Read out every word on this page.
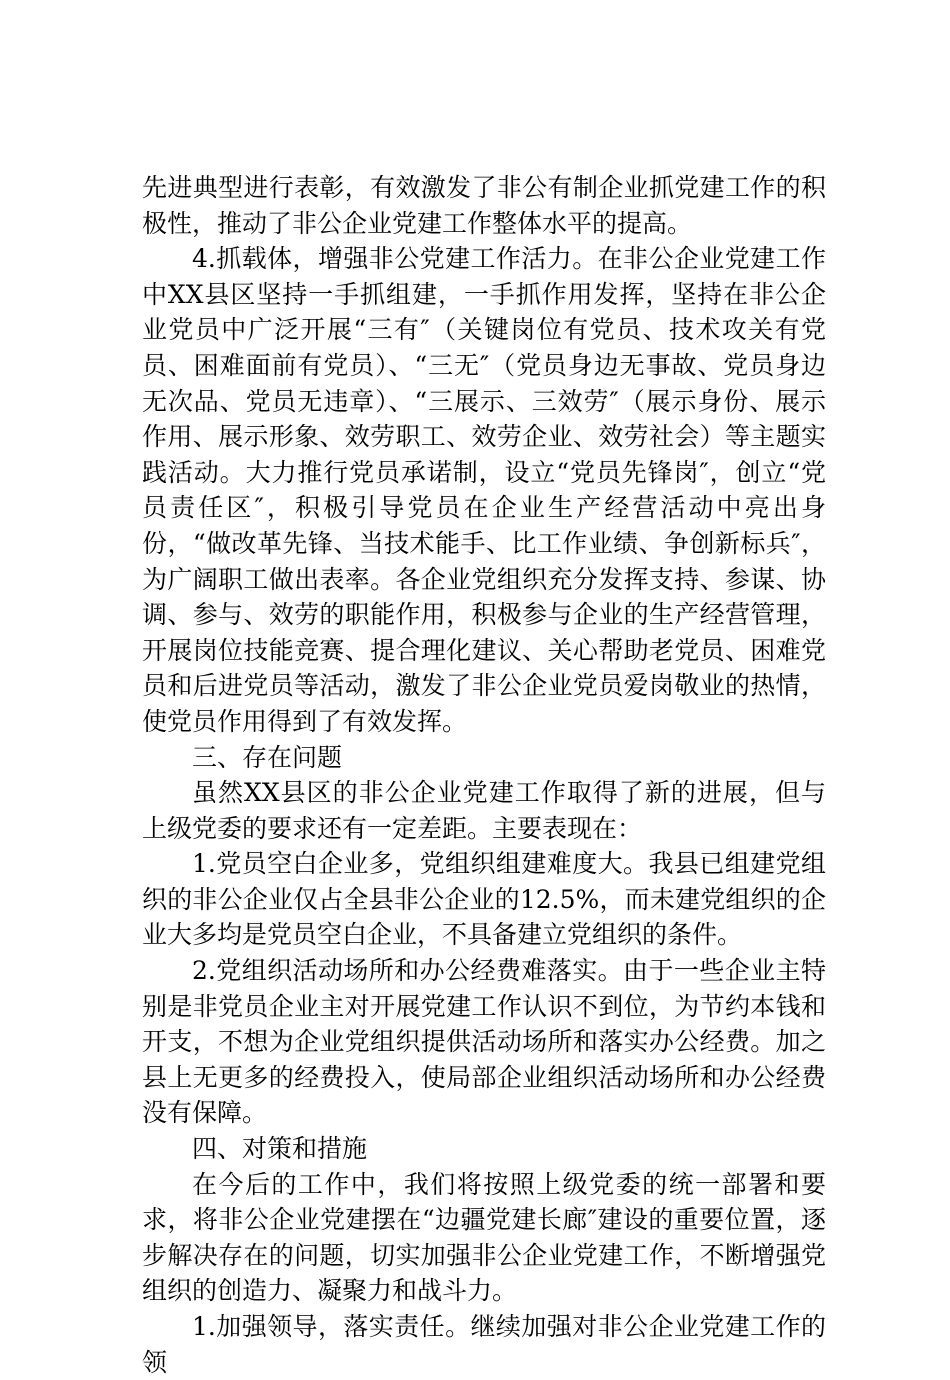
先进典型进行表彰，有效激发了非公有制企业抓党建工作的积极性，推动了非公企业党建工作整体水平的提高。

4.抓载体，增强非公党建工作活力。在非公企业党建工作中XX县区坚持一手抓组建，一手抓作用发挥，坚持在非公企业党员中广泛开展“三有″（关键岗位有党员、技术攻关有党员、困难面前有党员）、“三无″（党员身边无事故、党员身边无次品、党员无违章）、“三展示、三效劳″（展示身份、展示作用、展示形象、效劳职工、效劳企业、效劳社会）等主题实践活动。大力推行党员承诺制，设立“党员先锋岗″，创立“党员责任区″，积极引导党员在企业生产经营活动中亮出身份，“做改革先锋、当技术能手、比工作业绩、争创新标兵″，为广阔职工做出表率。各企业党组织充分发挥支持、参谋、协调、参与、效劳的职能作用，积极参与企业的生产经营管理，开展岗位技能竞赛、提合理化建议、关心帮助老党员、困难党员和后进党员等活动，激发了非公企业党员爱岗敬业的热情，使党员作用得到了有效发挥。

三、存在问题

虽然XX县区的非公企业党建工作取得了新的进展，但与上级党委的要求还有一定差距。主要表现在：

1.党员空白企业多，党组织组建难度大。我县已组建党组织的非公企业仅占全县非公企业的12.5%，而未建党组织的企业大多均是党员空白企业，不具备建立党组织的条件。

2.党组织活动场所和办公经费难落实。由于一些企业主特别是非党员企业主对开展党建工作认识不到位，为节约本钱和开支，不想为企业党组织提供活动场所和落实办公经费。加之县上无更多的经费投入，使局部企业组织活动场所和办公经费没有保障。

四、对策和措施

在今后的工作中，我们将按照上级党委的统一部署和要求，将非公企业党建摆在“边疆党建长廊″建设的重要位置，逐步解决存在的问题，切实加强非公企业党建工作，不断增强党组织的创造力、凝聚力和战斗力。

1.加强领导，落实责任。继续加强对非公企业党建工作的领
